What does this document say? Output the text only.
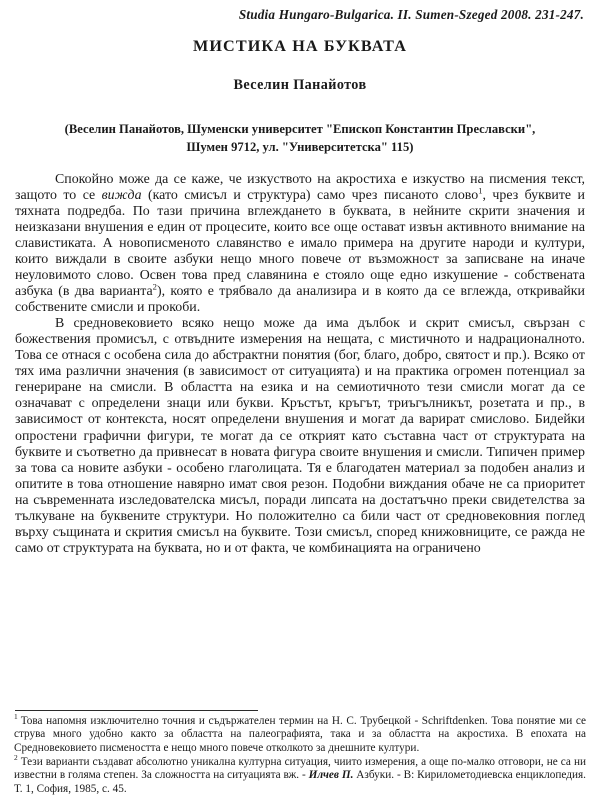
Studia Hungaro-Bulgarica. II. Sumen-Szeged 2008. 231-247.
МИСТИКА НА БУКВАТА
Веселин Панайотов
(Веселин Панайотов, Шуменски университет "Епископ Константин Преславски",
Шумен 9712, ул. "Университетска" 115)

Спокойно може да се каже, че изкуството на акростиха е изкуство на писмения текст, защото то се вижда (като смисъл и структура) само чрез писаното слово$^1$, чрез буквите и тяхната подредба. По тази причина вглеждането в буквата, в нейните скрити значения и неизказани внушения е един от процесите, които все още остават извън активното внимание на славистиката. А новописменото славянство е имало примера на другите народи и култури, които виждали в своите азбуки нещо много повече от възможност за записване на иначе неуловимото слово. Освен това пред славянина е стояло още едно изкушение - собствената азбука (в два варианта$^2$), която е трябвало да анализира и в която да се вглежда, откривайки собствените смисли и прокоби.

В средновековието всяко нещо може да има дълбок и скрит смисъл, свързан с божествения промисъл, с отвъдните измерения на нещата, с мистичното и надрационалното. Това се отнася с особена сила до абстрактни понятия (бог, благо, добро, святост и пр.). Всяко от тях има различни значения (в зависимост от ситуацията) и на практика огромен потенциал за генериране на смисли. В областта на езика и на семиотичното тези смисли могат да се означават с определени знаци или букви. Кръстът, кръгът, триъгълникът, розетата и пр., в зависимост от контекста, носят определени внушения и могат да варират смислово. Бидейки опростени графични фигури, те могат да се открият като съставна част от структурата на буквите и съответно да привнесат в новата фигура своите внушения и смисли. Типичен пример за това са новите азбуки - особено глаголицата. Тя е благодатен материал за подобен анализ и опитите в това отношение навярно имат своя резон. Подобни виждания обаче не са приоритет на съвременната изследователска мисъл, поради липсата на достатъчно преки свидетелства за тълкуване на буквените структури. Но положително са били част от средновековния поглед върху същината и скрития смисъл на буквите. Този смисъл, според книжовниците, се ражда не само от структурата на буквата, но и от факта, че комбинацията на ограничено

$^1$ Това напомня изключително точния и съдържателен термин на Н. С. Трубецкой - Schriftdenken. Това понятие ми се струва много удобно както за областта на палеографията, така и за областта на акростиха. В епохата на Средновековието писмеността е нещо много повече отколкото за днешните култури.

$^2$ Тези варианти създават абсолютно уникална културна ситуация, чиито измерения, а още по-малко отговори, не са ни известни в голяма степен. За сложността на ситуацията вж. - Илчев П. Азбуки. - В: Кирилометодиевска енциклопедия. Т. 1, София, 1985, с. 45.
